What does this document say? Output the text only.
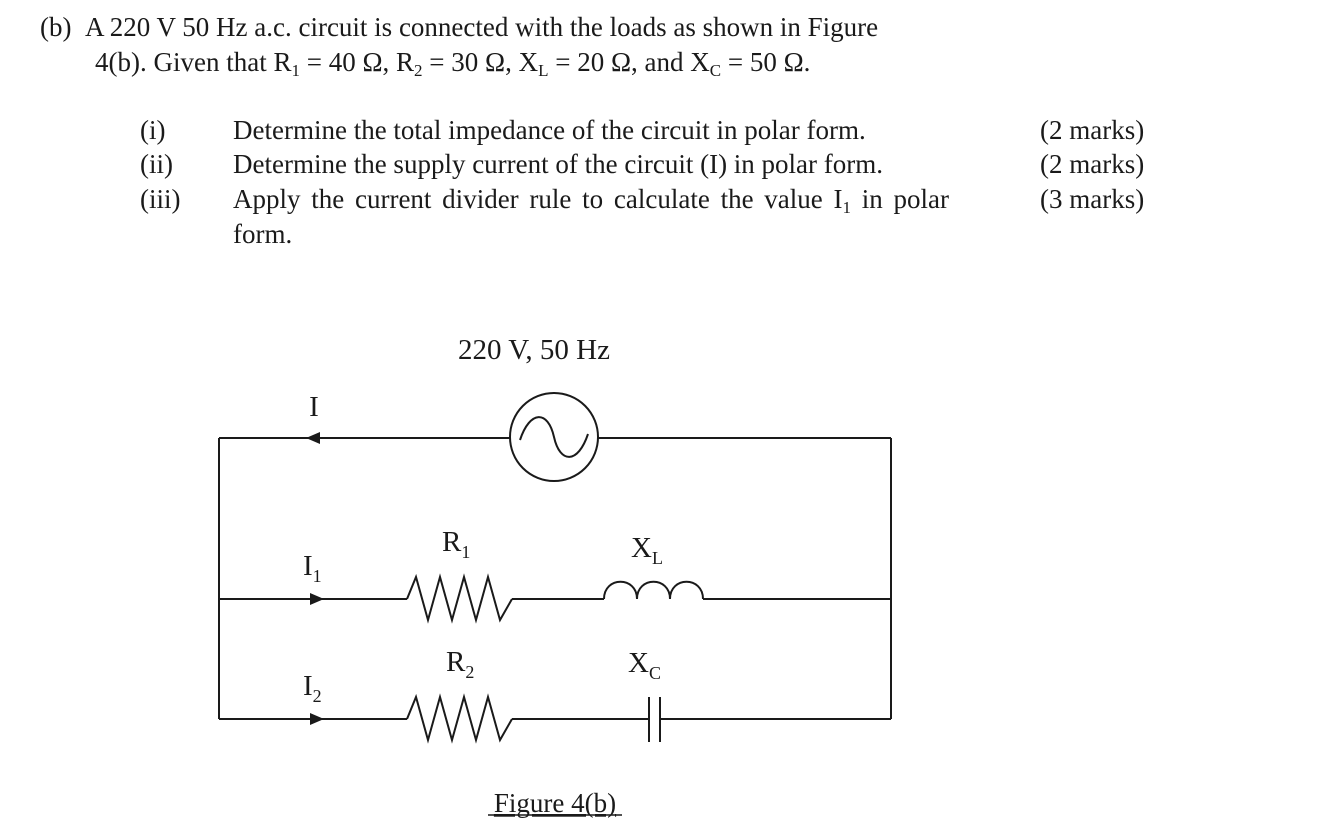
(b) A 220 V 50 Hz a.c. circuit is connected with the loads as shown in Figure
4(b). Given that R1 = 40 Ω, R2 = 30 Ω, XL = 20 Ω, and XC = 50 Ω.
(i)	Determine the total impedance of the circuit in polar form.	(2 marks)
(ii) Determine the supply current of the circuit (I) in polar form.	(2 marks)
(iii) Apply the current divider rule to calculate the value I1 in polar	(3 marks)
form.
220 V, 50 Hz
I
$I_1$
$I_2$
$R_1$	$X_L$
$R_2$	$X_C$
Figure 4(b)
